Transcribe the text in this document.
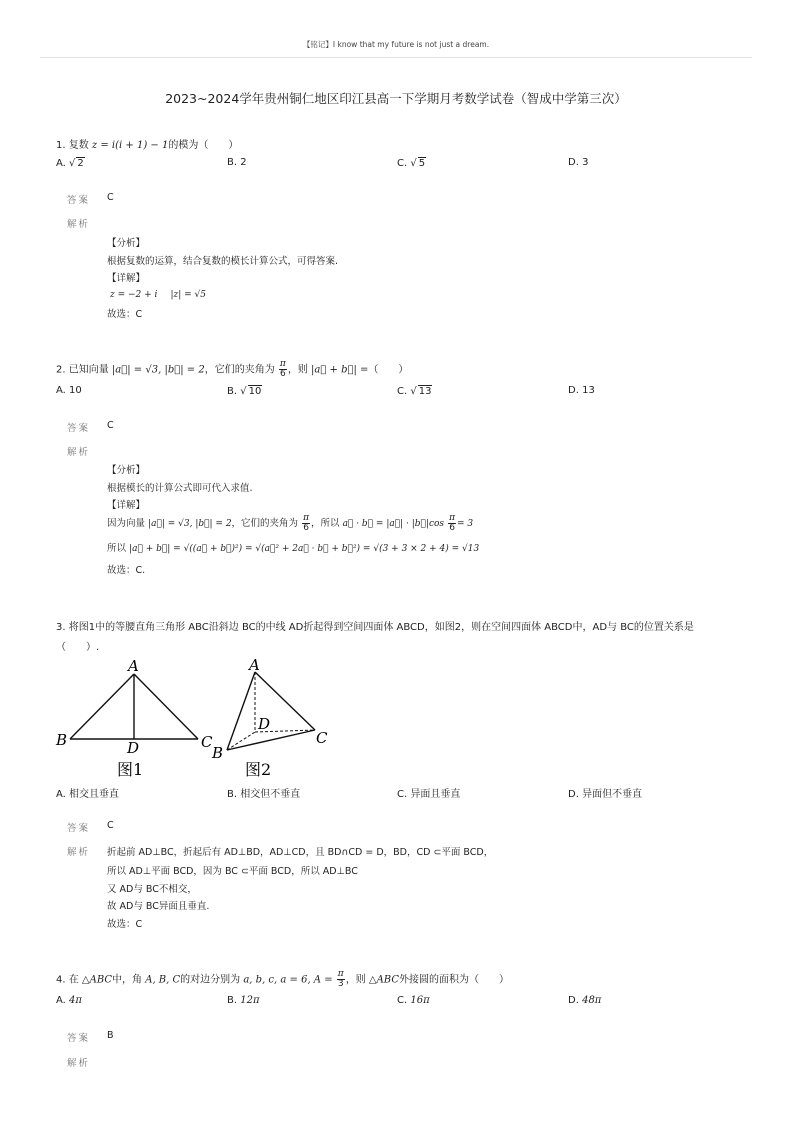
【铭记】I know that my future is not just a dream.
2023~2024学年贵州铜仁地区印江县高一下学期月考数学试卷（智成中学第三次）
1. 复数 z = i(i + 1) − 1的模为（　　）
A. √ 2	B. 2	C. √ 5	D. 3
答案 C
解析
【分析】
根据复数的运算，结合复数的模长计算公式，可得答案.
【详解】
z = −2 + i |z| = √5
故选：C
2. 已知向量 |a⃗| = √3, |b⃗| = 2，它们的夹角为 $\frac{\pi}{6}$ ，则 |a⃗ + b⃗| =（　　）
A. 10	B. √ 10	C. √ 13	D. 13
答案 C
解析
【分析】
根据模长的计算公式即可代入求值.
【详解】
因为向量 |a⃗| = √3, |b⃗| = 2，它们的夹角为 $\frac{\pi}{6}$ ，所以 a⃗ · b⃗ = |a⃗| · |b⃗|cos $\frac{\pi}{6} = 3$
所以 |a⃗ + b⃗| = √((a⃗ + b⃗)²) = √(a⃗² + 2a⃗ · b⃗ + b⃗²) = √(3 + 3 × 2 + 4) = √13
故选：C.
3. 将图1中的等腰直角三角形 ABC沿斜边 BC的中线 AD折起得到空间四面体 ABCD，如图2，则在空间四面体 ABCD中，AD与 BC的位置关系是
（　　）.
A
B	C
D
图1
A
B
C
D
图2
A. 相交且垂直	B. 相交但不垂直	C. 异面且垂直	D. 异面但不垂直
答案 C
解析 折起前 AD⊥BC，折起后有 AD⊥BD，AD⊥CD，且 BD∩CD = D，BD，CD ⊂平面 BCD，
所以 AD⊥平面 BCD，因为 BC ⊂平面 BCD，所以 AD⊥BC
又 AD与 BC不相交，
故 AD与 BC异面且垂直.
故选：C
4. 在 △ABC中，角 A, B, C的对边分别为 a, b, c, a = 6, $A = \frac{\pi}{3}$ ，则 △ABC外接圆的面积为（　　）
A. 4π	B. 12π	C. 16π	D. 48π
答案 B
解析
